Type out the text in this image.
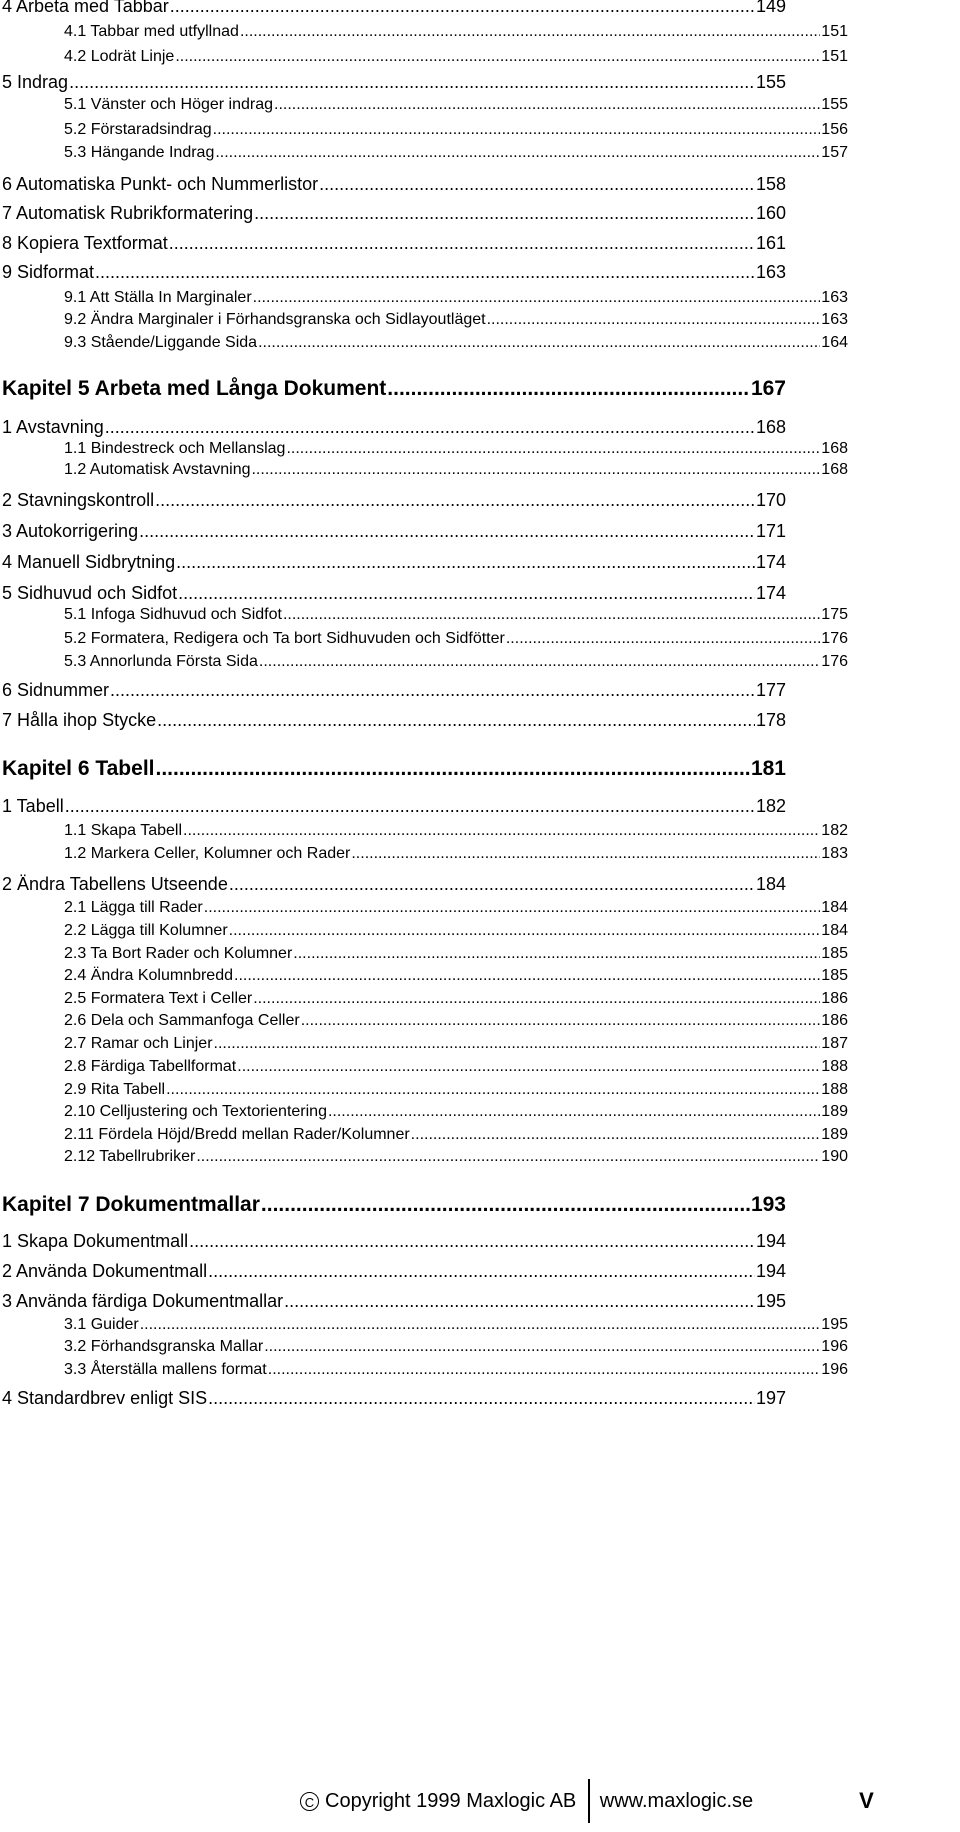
4 Arbeta med Tabbar .....	149
4.1 Tabbar med utfyllnad .....	151
4.2 Lodrät Linje .....	151
5 Indrag .....	155
5.1 Vänster och Höger indrag .....	155
5.2 Förstaradsindrag .....	156
5.3 Hängande Indrag .....	157
6 Automatiska Punkt- och Nummerlistor .....	158
7 Automatisk Rubrikformatering .....	160
8 Kopiera Textformat .....	161
9 Sidformat .....	163
9.1 Att Ställa In Marginaler .....	163
9.2 Ändra Marginaler i Förhandsgranska och Sidlayoutläget .....	163
9.3 Stående/Liggande Sida .....	164
Kapitel 5 Arbeta med Långa Dokument .....	167
1 Avstavning .....	168
1.1 Bindestreck och Mellanslag .....	168
1.2 Automatisk Avstavning .....	168
2 Stavningskontroll .....	170
3 Autokorrigering .....	171
4 Manuell Sidbrytning .....	174
5 Sidhuvud och Sidfot .....	174
5.1 Infoga Sidhuvud och Sidfot .....	175
5.2 Formatera, Redigera och Ta bort Sidhuvuden och Sidfötter .....	176
5.3 Annorlunda Första Sida .....	176
6 Sidnummer .....	177
7 Hålla ihop Stycke .....	178
Kapitel 6 Tabell .....	181
1 Tabell .....	182
1.1 Skapa Tabell .....	182
1.2 Markera Celler, Kolumner och Rader .....	183
2 Ändra Tabellens Utseende .....	184
2.1 Lägga till Rader .....	184
2.2 Lägga till Kolumner .....	184
2.3 Ta Bort Rader och Kolumner .....	185
2.4 Ändra Kolumnbredd .....	185
2.5 Formatera Text i Celler .....	186
2.6 Dela och Sammanfoga Celler .....	186
2.7 Ramar och Linjer .....	187
2.8 Färdiga Tabellformat .....	188
2.9 Rita Tabell .....	188
2.10 Celljustering och Textorientering .....	189
2.11 Fördela Höjd/Bredd mellan Rader/Kolumner .....	189
2.12 Tabellrubriker .....	190
Kapitel 7 Dokumentmallar .....	193
1 Skapa Dokumentmall .....	194
2 Använda Dokumentmall .....	194
3 Använda färdiga Dokumentmallar .....	195
3.1 Guider .....	195
3.2 Förhandsgranska Mallar .....	196
3.3 Återställa mallens format .....	196
4 Standardbrev enligt SIS .....	197
C Copyright 1999 Maxlogic AB www.maxlogic.se	V
